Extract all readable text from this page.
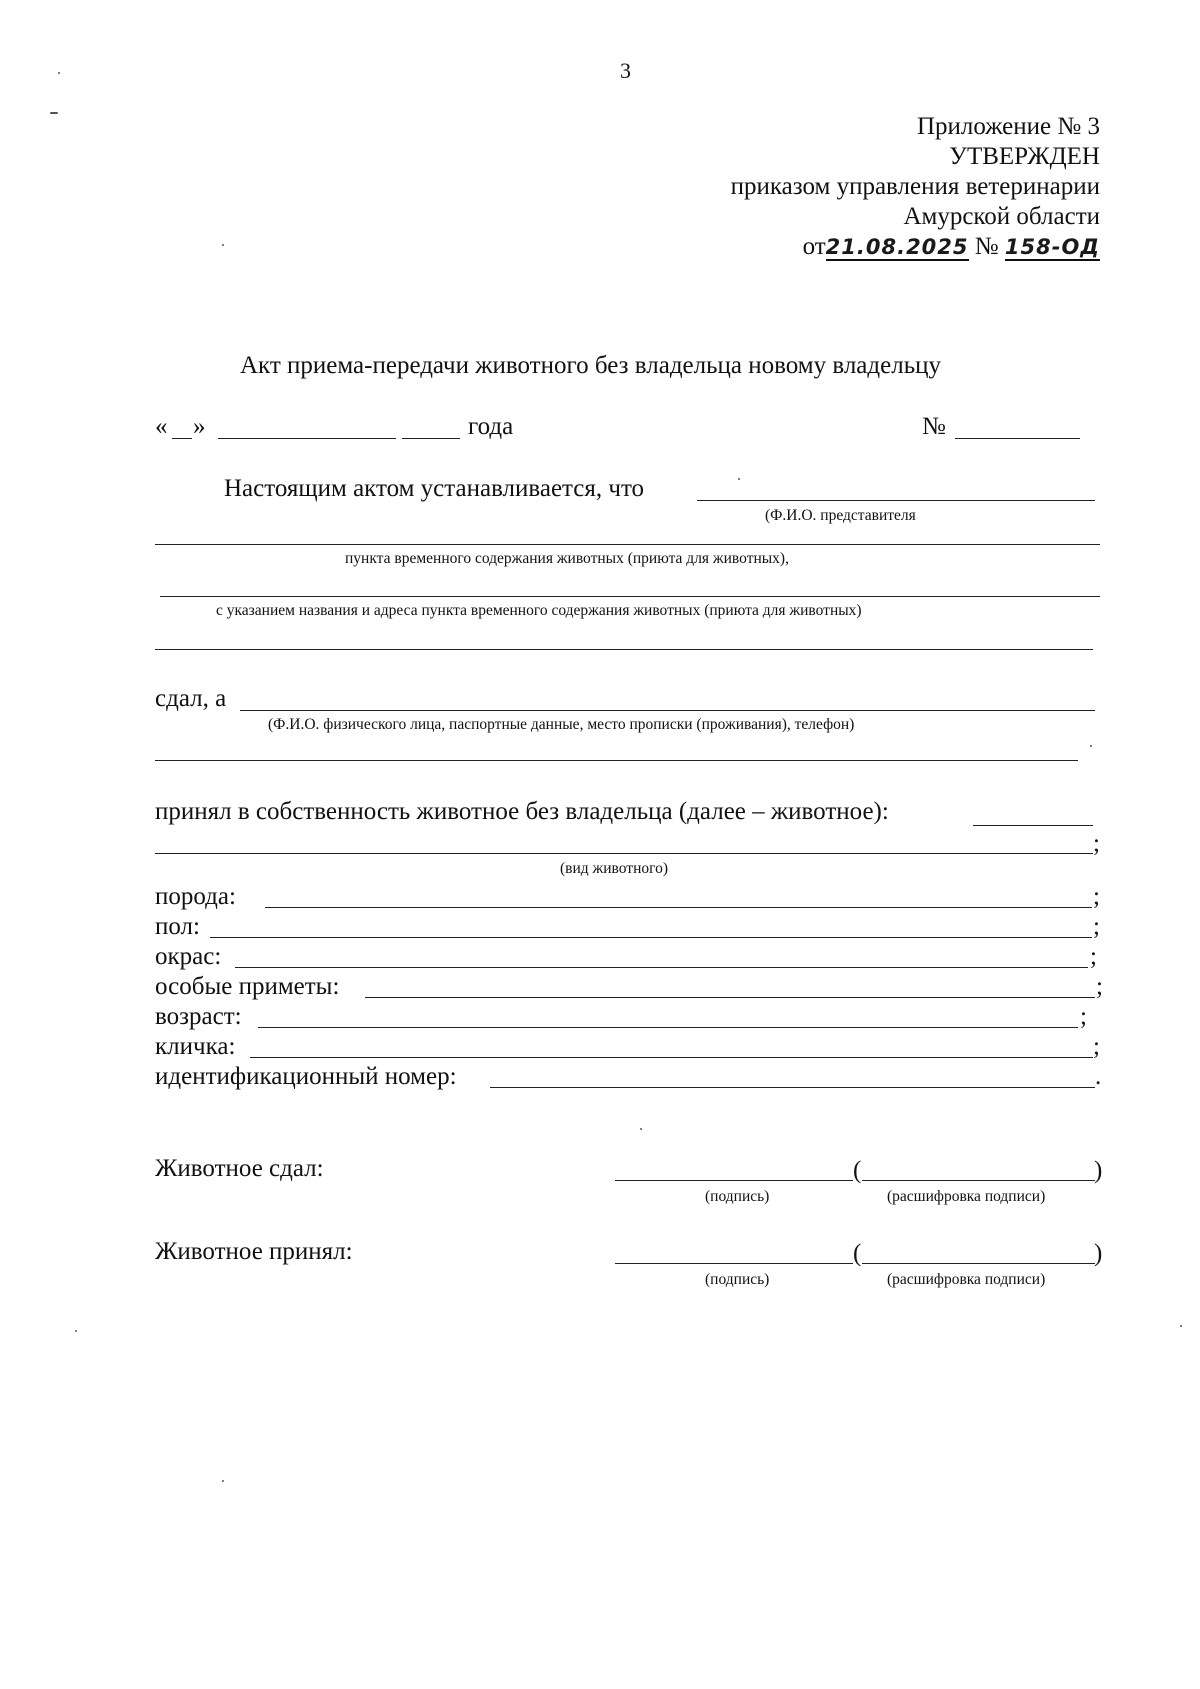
3
Приложение № 3
УТВЕРЖДЕН
приказом управления ветеринарии
Амурской области
от21.08.2025 № 158-ОД
Акт приема-передачи животного без владельца новому владельцу
« »	года	№
Настоящим актом устанавливается, что
(Ф.И.О. представителя
пункта временного содержания животных (приюта для животных),
с указанием названия и адреса пункта временного содержания животных (приюта для животных)
сдал, а
(Ф.И.О. физического лица, паспортные данные, место прописки (проживания), телефон)
принял в собственность животное без владельца (далее – животное):
;
(вид животного)
порода:	;
пол:	;
окрас:	;
особые приметы:	;
возраст:	;
кличка:	;
идентификационный номер:	.
Животное сдал:	(	)
(подпись)	(расшифровка подписи)
Животное принял:	(	)
(подпись)	(расшифровка подписи)
